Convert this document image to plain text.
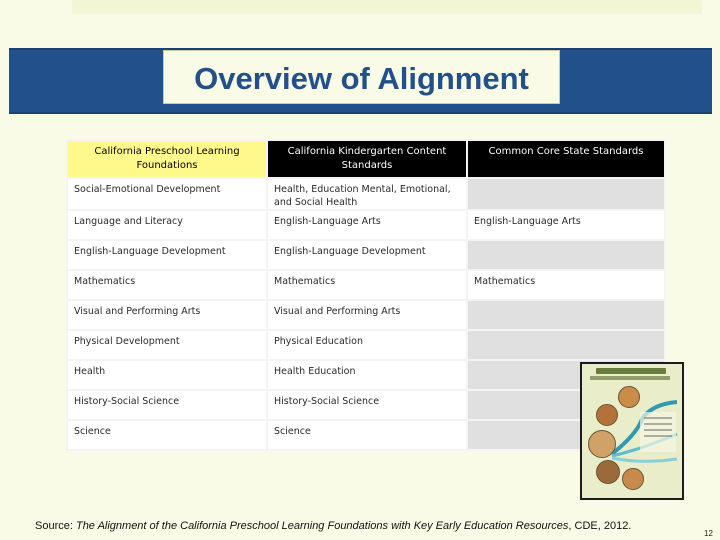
Overview of Alignment
California Preschool Learning Foundations	California Kindergarten Content Standards	Common Core State Standards
Social-Emotional Development	Health, Education Mental, Emotional, and Social Health	
Language and Literacy	English-Language Arts	English-Language Arts
English-Language Development	English-Language Development	
Mathematics	Mathematics	Mathematics
Visual and Performing Arts	Visual and Performing Arts	
Physical Development	Physical Education	
Health	Health Education	
History-Social Science	History-Social Science	
Science	Science	
Source: The Alignment of the California Preschool Learning Foundations with Key Early Education Resources, CDE, 2012.
12
